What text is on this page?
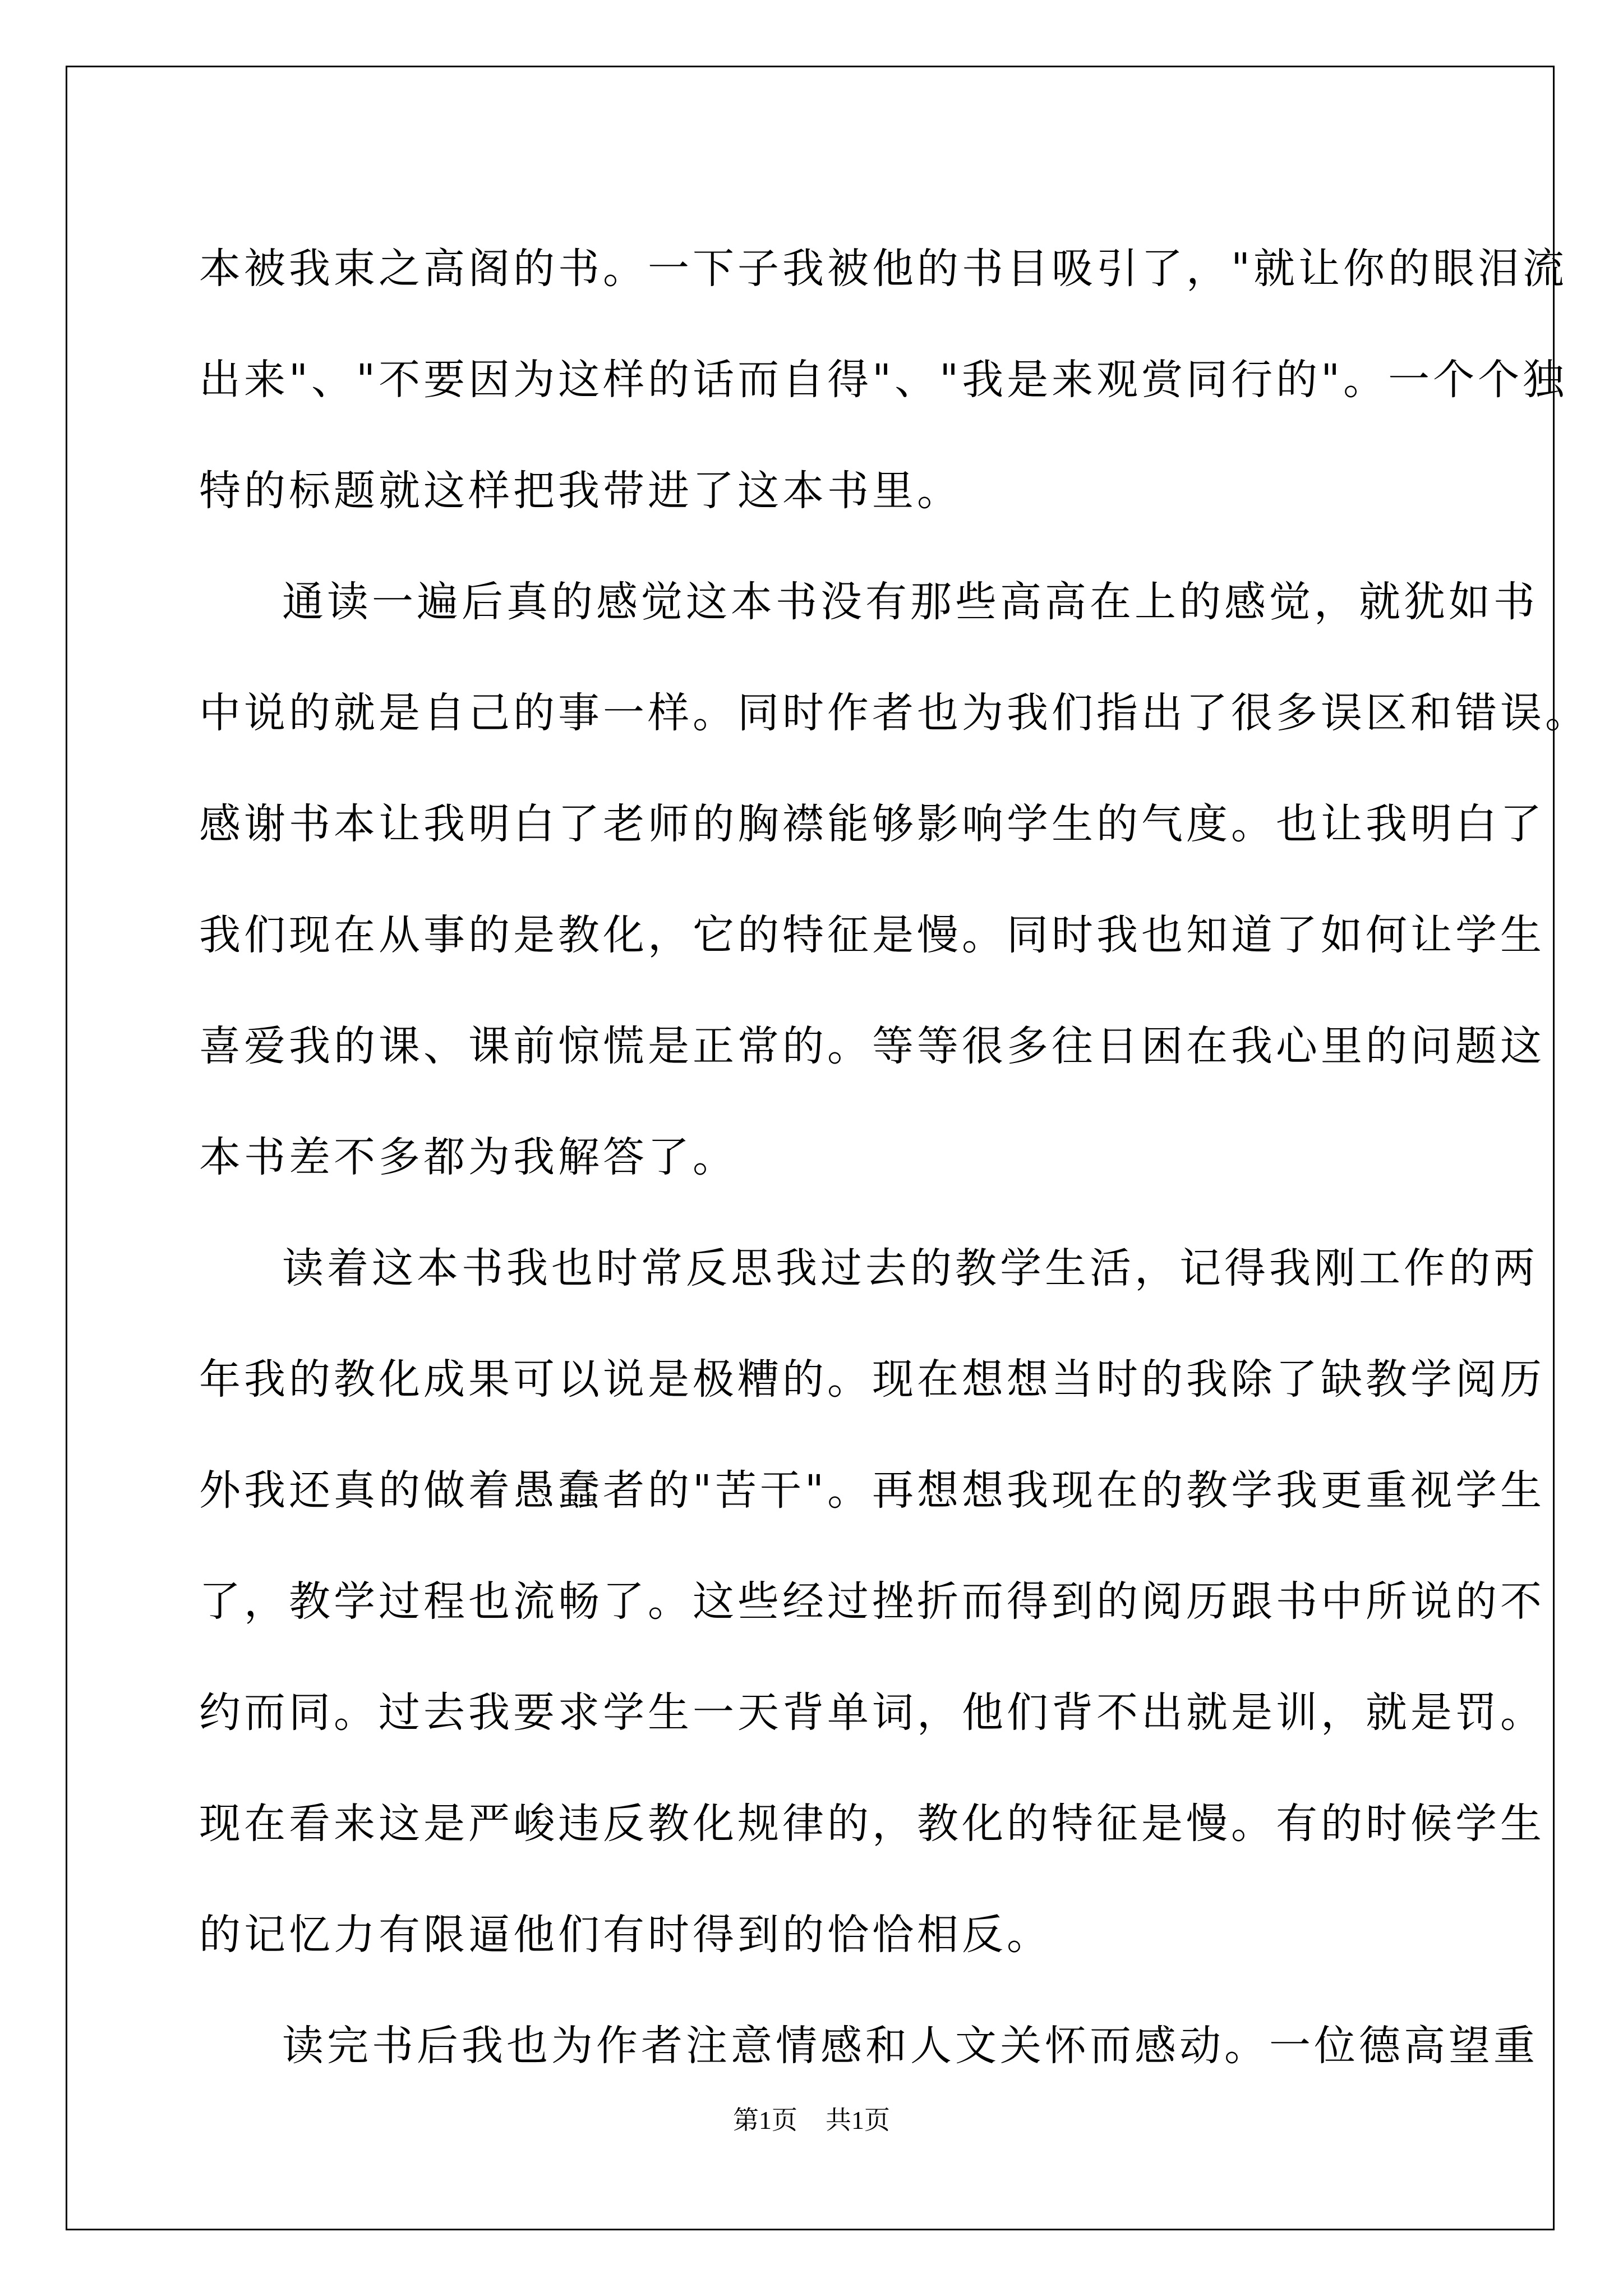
本被我束之高阁的书。一下子我被他的书目吸引了，"就让你的眼泪流
出来"、"不要因为这样的话而自得"、"我是来观赏同行的"。一个个独
特的标题就这样把我带进了这本书里。
通读一遍后真的感觉这本书没有那些高高在上的感觉，就犹如书
中说的就是自己的事一样。同时作者也为我们指出了很多误区和错误。
感谢书本让我明白了老师的胸襟能够影响学生的气度。也让我明白了
我们现在从事的是教化，它的特征是慢。同时我也知道了如何让学生
喜爱我的课、课前惊慌是正常的。等等很多往日困在我心里的问题这
本书差不多都为我解答了。
读着这本书我也时常反思我过去的教学生活，记得我刚工作的两
年我的教化成果可以说是极糟的。现在想想当时的我除了缺教学阅历
外我还真的做着愚蠢者的"苦干"。再想想我现在的教学我更重视学生
了，教学过程也流畅了。这些经过挫折而得到的阅历跟书中所说的不
约而同。过去我要求学生一天背单词，他们背不出就是训，就是罚。
现在看来这是严峻违反教化规律的，教化的特征是慢。有的时候学生
的记忆力有限逼他们有时得到的恰恰相反。
读完书后我也为作者注意情感和人文关怀而感动。一位德高望重
第1页 共1页
